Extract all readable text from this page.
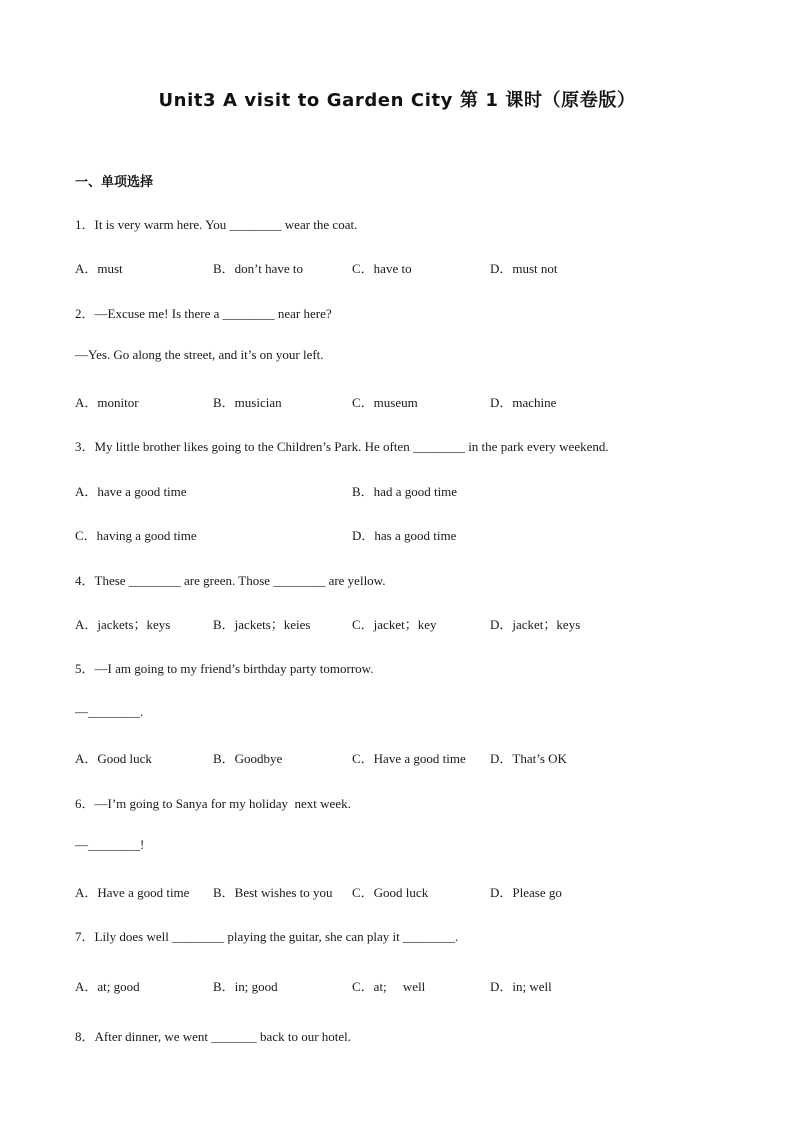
Unit3 A visit to Garden City 第 1 课时（原卷版）
一、单项选择
1．It is very warm here. You ________ wear the coat.
A．must	B．don’t have to	C．have to	D．must not
2．—Excuse me! Is there a ________ near here?
—Yes. Go along the street, and it’s on your left.
A．monitor	B．musician	C．museum	D．machine
3．My little brother likes going to the Children’s Park. He often ________ in the park every weekend.
A．have a good time	B．had a good time
C．having a good time	D．has a good time
4．These ________ are green. Those ________ are yellow.
A．jackets；keys	B．jackets；keies	C．jacket；key	D．jacket；keys
5．—I am going to my friend’s birthday party tomorrow.
—________.
A．Good luck	B．Goodbye	C．Have a good time D．That’s OK
6．—I’m going to Sanya for my holiday  next week.
—________!
A．Have a good time B．Best wishes to you C．Good luck	D．Please go
7．Lily does well ________ playing the guitar, she can play it ________.
A．at; good	B．in; good	C．at;     well	D．in; well
8．After dinner, we went _______ back to our hotel.
